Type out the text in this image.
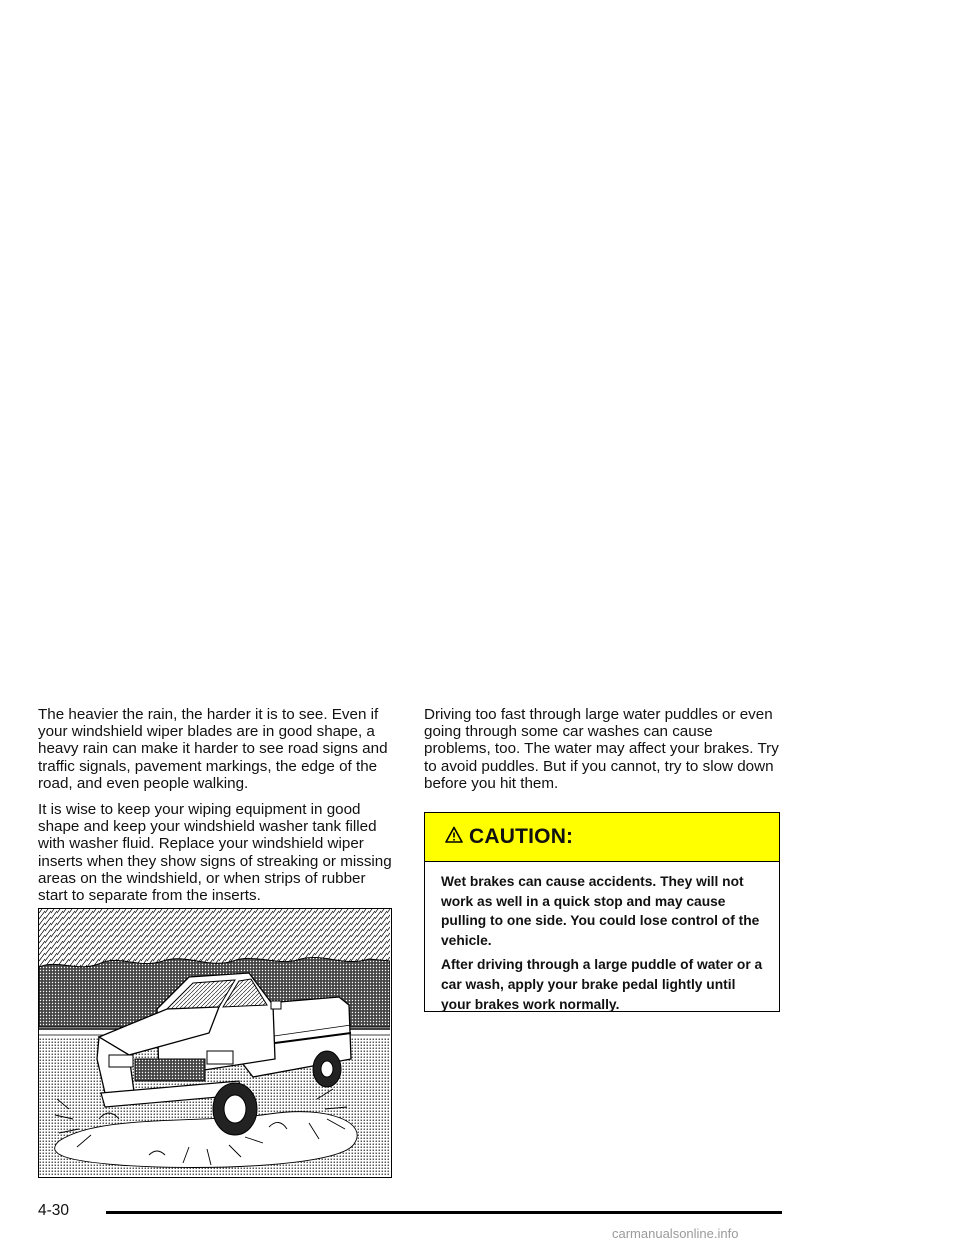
The heavier the rain, the harder it is to see. Even if your windshield wiper blades are in good shape, a heavy rain can make it harder to see road signs and traffic signals, pavement markings, the edge of the road, and even people walking.

It is wise to keep your wiping equipment in good shape and keep your windshield washer tank filled with washer fluid. Replace your windshield wiper inserts when they show signs of streaking or missing areas on the windshield, or when strips of rubber start to separate from the inserts.

Driving too fast through large water puddles or even going through some car washes can cause problems, too. The water may affect your brakes. Try to avoid puddles. But if you cannot, try to slow down before you hit them.

CAUTION:

Wet brakes can cause accidents. They will not work as well in a quick stop and may cause pulling to one side. You could lose control of the vehicle.

After driving through a large puddle of water or a car wash, apply your brake pedal lightly until your brakes work normally.

4-30
carmanualsonline.info
